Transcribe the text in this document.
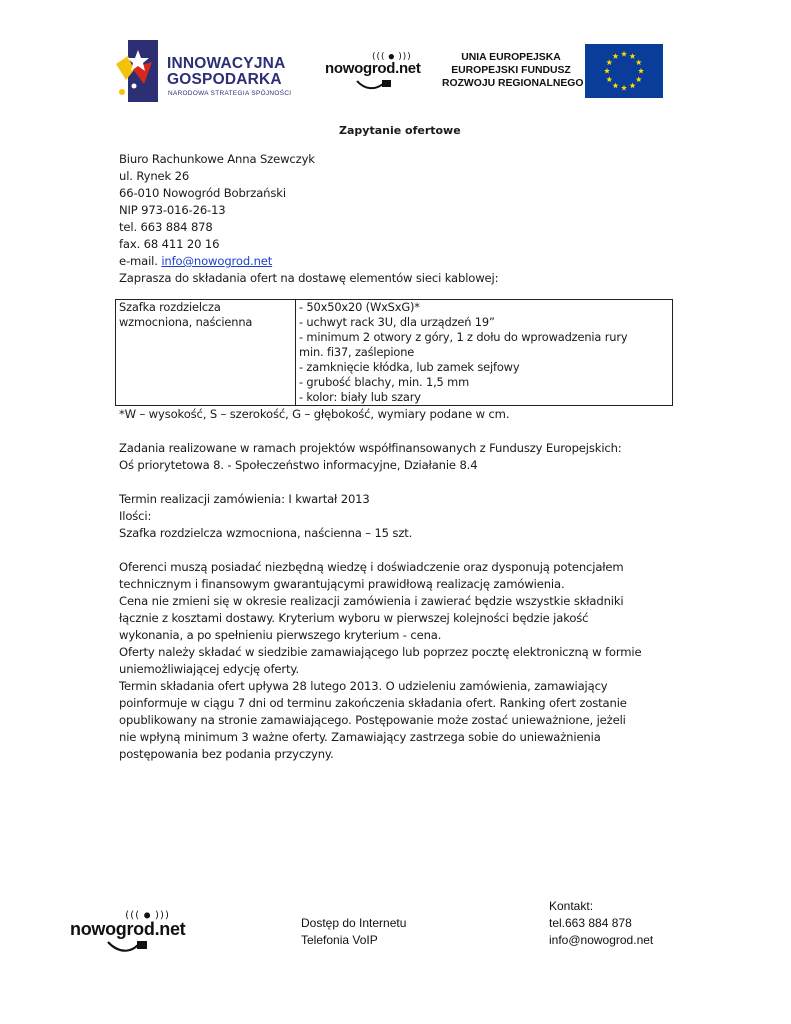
INNOWACYJNA
GOSPODARKA
NARODOWA STRATEGIA SPÓJNOŚCI
((( ● )))
nowogrod.net
UNIA EUROPEJSKA
EUROPEJSKI FUNDUSZ
ROZWOJU REGIONALNEGO
Zapytanie ofertowe
Biuro Rachunkowe Anna Szewczyk
ul. Rynek 26
66-010 Nowogród Bobrzański
NIP 973-016-26-13
tel. 663 884 878
fax. 68 411 20 16
e-mail. info@nowogrod.net
Zaprasza do składania ofert na dostawę elementów sieci kablowej:
Szafka rozdzielcza
wzmocniona, naścienna

- 50x50x20 (WxSxG)*
- uchwyt rack 3U, dla urządzeń 19”
- minimum 2 otwory z góry, 1 z dołu do wprowadzenia rury
min. fi37, zaślepione
- zamknięcie kłódka, lub zamek sejfowy
- grubość blachy, min. 1,5 mm
- kolor: biały lub szary
*W – wysokość, S – szerokość, G – głębokość, wymiary podane w cm.
Zadania realizowane w ramach projektów współfinansowanych z Funduszy Europejskich:
Oś priorytetowa 8. - Społeczeństwo informacyjne, Działanie 8.4
Termin realizacji zamówienia: I kwartał 2013
Ilości:
Szafka rozdzielcza wzmocniona, naścienna – 15 szt.
Oferenci muszą posiadać niezbędną wiedzę i doświadczenie oraz dysponują potencjałem
technicznym i finansowym gwarantującymi prawidłową realizację zamówienia.
Cena nie zmieni się w okresie realizacji zamówienia i zawierać będzie wszystkie składniki
łącznie z kosztami dostawy. Kryterium wyboru w pierwszej kolejności będzie jakość
wykonania, a po spełnieniu pierwszego kryterium - cena.
Oferty należy składać w siedzibie zamawiającego lub poprzez pocztę elektroniczną w formie
uniemożliwiającej edycję oferty.
Termin składania ofert upływa 28 lutego 2013. O udzieleniu zamówienia, zamawiający
poinformuje w ciągu 7 dni od terminu zakończenia składania ofert. Ranking ofert zostanie
opublikowany na stronie zamawiającego. Postępowanie może zostać unieważnione, jeżeli
nie wpłyną minimum 3 ważne oferty. Zamawiający zastrzega sobie do unieważnienia
postępowania bez podania przyczyny.
((( ● )))
nowogrod.net	Dostęp do Internetu
Telefonia VoIP
Kontakt:
tel.663 884 878
info@nowogrod.net
